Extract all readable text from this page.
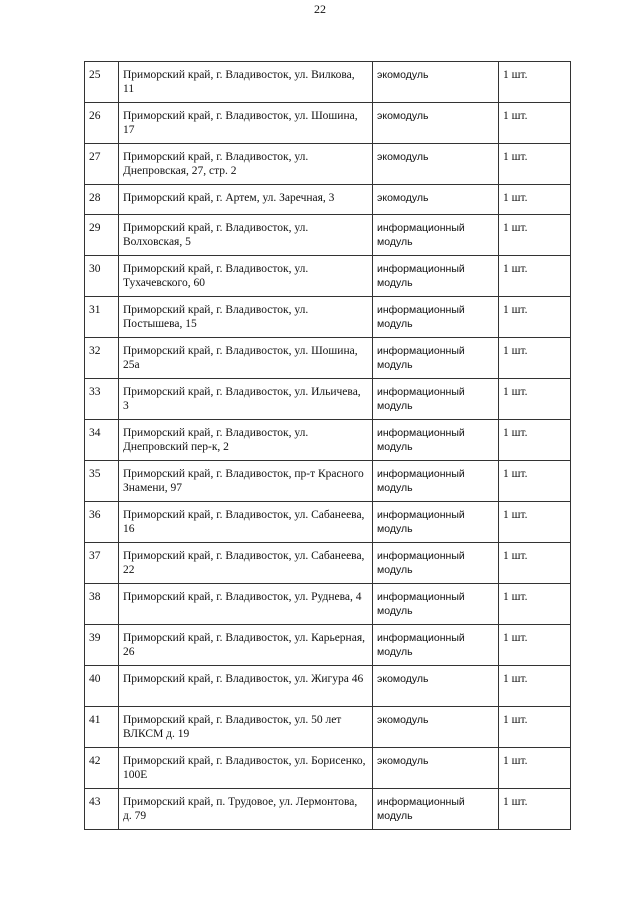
22
25	Приморский край, г. Владивосток, ул. Вилкова, 11	экомодуль	1 шт.
26	Приморский край, г. Владивосток, ул. Шошина, 17	экомодуль	1 шт.
27	Приморский край, г. Владивосток, ул. Днепровская, 27, стр. 2	экомодуль	1 шт.
28	Приморский край, г. Артем, ул. Заречная, 3	экомодуль	1 шт.
29	Приморский край, г. Владивосток, ул. Волховская, 5	информационный модуль	1 шт.
30	Приморский край, г. Владивосток, ул. Тухачевского, 60	информационный модуль	1 шт.
31	Приморский край, г. Владивосток, ул. Постышева, 15	информационный модуль	1 шт.
32	Приморский край, г. Владивосток, ул. Шошина, 25а	информационный модуль	1 шт.
33	Приморский край, г. Владивосток, ул. Ильичева, 3	информационный модуль	1 шт.
34	Приморский край, г. Владивосток, ул. Днепровский пер-к, 2	информационный модуль	1 шт.
35	Приморский край, г. Владивосток, пр-т Красного Знамени, 97	информационный модуль	1 шт.
36	Приморский край, г. Владивосток, ул. Сабанеева, 16	информационный модуль	1 шт.
37	Приморский край, г. Владивосток, ул. Сабанеева, 22	информационный модуль	1 шт.
38	Приморский край, г. Владивосток, ул. Руднева, 4	информационный модуль	1 шт.
39	Приморский край, г. Владивосток, ул. Карьерная, 26	информационный модуль	1 шт.
40	Приморский край, г. Владивосток, ул. Жигура 46	экомодуль	1 шт.
41	Приморский край, г. Владивосток, ул. 50 лет ВЛКСМ д. 19	экомодуль	1 шт.
42	Приморский край, г. Владивосток, ул. Борисенко, 100Е	экомодуль	1 шт.
43	Приморский край, п. Трудовое, ул. Лермонтова, д. 79	информационный модуль	1 шт.
